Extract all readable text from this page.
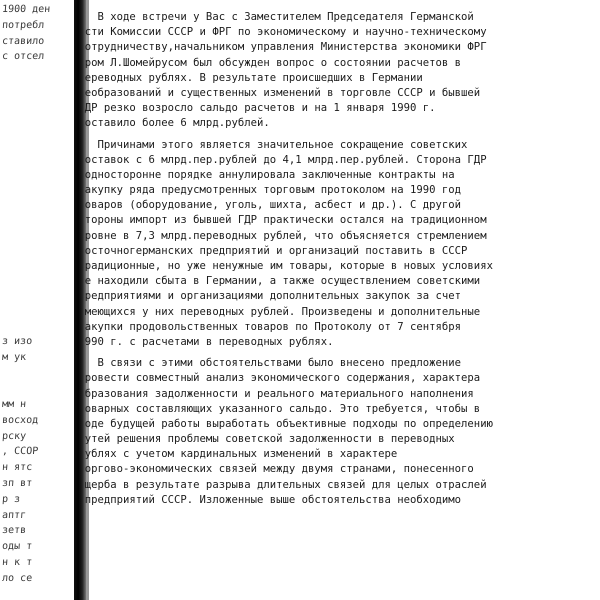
1900 ден
потребл
ставило
с отсел
з изо
м ук
мм н
восход
рску
, ССОР
н ятс
зп вт
р з
аптг
зетв
оды т
н к т
ло се
В ходе встречи у Вас с Заместителем Председателя Германской
сти Комиссии СССР и ФРГ по экономическому и научно-техническому
отрудничеству,начальником управления Министерства экономики ФРГ
ром Л.Шомейрусом был обсужден вопрос о состоянии расчетов в
ереводных рублях. В результате происшедших в Германии
еобразований и существенных изменений в торговле СССР и бывшей
ДР резко возросло сальдо расчетов и на 1 января 1990 г.
оставило более 6 млрд.рублей.
Причинами этого является значительное сокращение советских
оставок с 6 млрд.пер.рублей до 4,1 млрд.пер.рублей. Сторона ГДР
односторонне порядке аннулировала заключенные контракты на
акупку ряда предусмотренных торговым протоколом на 1990 год
оваров (оборудование, уголь, шихта, асбест и др.). С другой
тороны импорт из бывшей ГДР практически остался на традиционном
ровне в 7,3 млрд.переводных рублей, что объясняется стремлением
осточногерманских предприятий и организаций поставить в СССР
радиционные, но уже ненужные им товары, которые в новых условиях
е находили сбыта в Германии, а также осуществлением советскими
редприятиями и организациями дополнительных закупок за счет
меющихся у них переводных рублей. Произведены и дополнительные
акупки продовольственных товаров по Протоколу от 7 сентября
990 г. с расчетами в переводных рублях.
В связи с этими обстоятельствами было внесено предложение
ровести совместный анализ экономического содержания, характера
бразования задолженности и реального материального наполнения
оварных составляющих указанного сальдо. Это требуется, чтобы в
оде будущей работы выработать объективные подходы по определению
утей решения проблемы советской задолженности в переводных
ублях с учетом кардинальных изменений в характере
орговo-экономических связей между двумя странами, понесенного
щерба в результате разрыва длительных связей для целых отраслей
предприятий СССР. Изложенные выше обстоятельства необходимо
